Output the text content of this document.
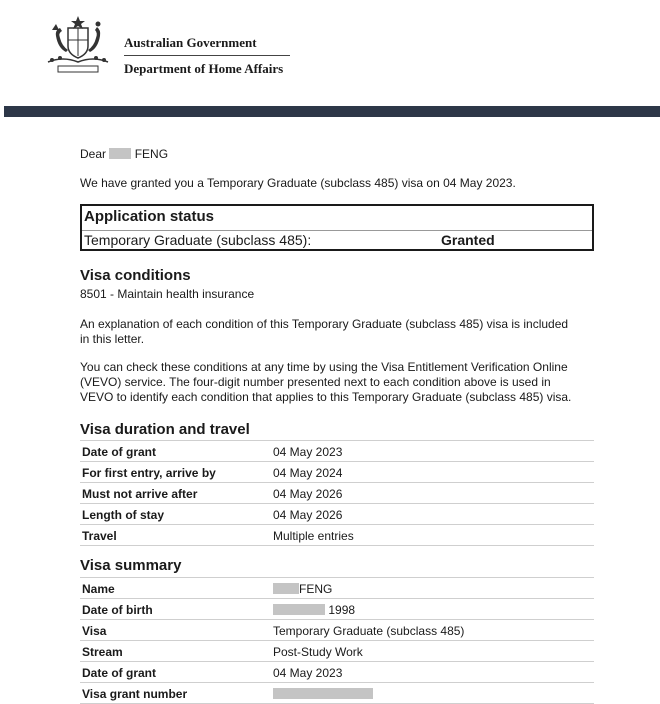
Australian Government
Department of Home Affairs
Dear FENG
We have granted you a Temporary Graduate (subclass 485) visa on 04 May 2023.
Application status
Temporary Graduate (subclass 485):	Granted
Visa conditions
8501 - Maintain health insurance
An explanation of each condition of this Temporary Graduate (subclass 485) visa is included
in this letter.
You can check these conditions at any time by using the Visa Entitlement Verification Online
(VEVO) service. The four-digit number presented next to each condition above is used in
VEVO to identify each condition that applies to this Temporary Graduate (subclass 485) visa.
Visa duration and travel
Date of grant	04 May 2023
For first entry, arrive by	04 May 2024
Must not arrive after	04 May 2026
Length of stay	04 May 2026
Travel	Multiple entries
Visa summary
Name	FENG
Date of birth	1998
Visa	Temporary Graduate (subclass 485)
Stream	Post-Study Work
Date of grant	04 May 2023
Visa grant number
